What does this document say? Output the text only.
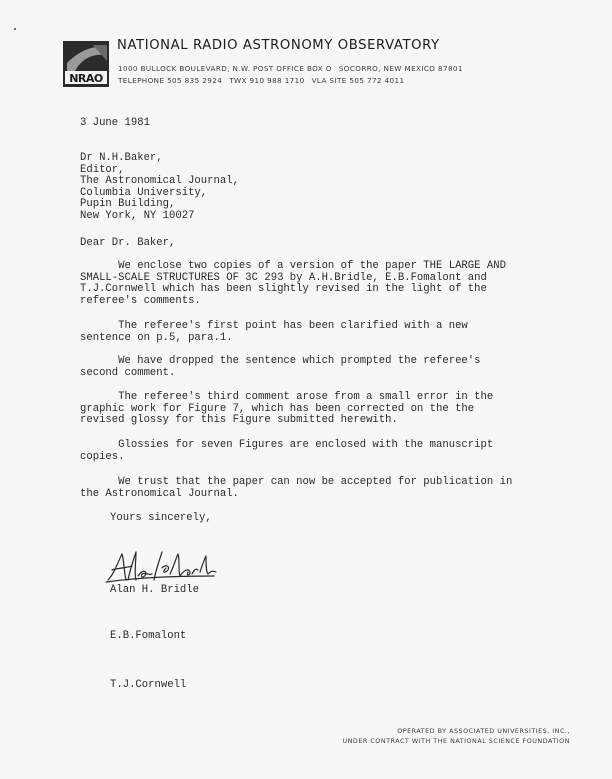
NRAO
NATIONAL RADIO ASTRONOMY OBSERVATORY
1000 BULLOCK BOULEVARD, N.W. POST OFFICE BOX O SOCORRO, NEW MEXICO 87801
TELEPHONE 505 835 2924 TWX 910 988 1710 VLA SITE 505 772 4011
3 June 1981
Dr N.H.Baker,
Editor,
The Astronomical Journal,
Columbia University,
Pupin Building,
New York, NY 10027
Dear Dr. Baker,
We enclose two copies of a version of the paper THE LARGE AND
SMALL-SCALE STRUCTURES OF 3C 293 by A.H.Bridle, E.B.Fomalont and
T.J.Cornwell which has been slightly revised in the light of the
referee's comments.
The referee's first point has been clarified with a new
sentence on p.5, para.1.
We have dropped the sentence which prompted the referee's
second comment.
The referee's third comment arose from a small error in the
graphic work for Figure 7, which has been corrected on the the
revised glossy for this Figure submitted herewith.
Glossies for seven Figures are enclosed with the manuscript
copies.
We trust that the paper can now be accepted for publication in
the Astronomical Journal.
Yours sincerely,
Alan H. Bridle
E.B.Fomalont
T.J.Cornwell
OPERATED BY ASSOCIATED UNIVERSITIES, INC.,
UNDER CONTRACT WITH THE NATIONAL SCIENCE FOUNDATION
